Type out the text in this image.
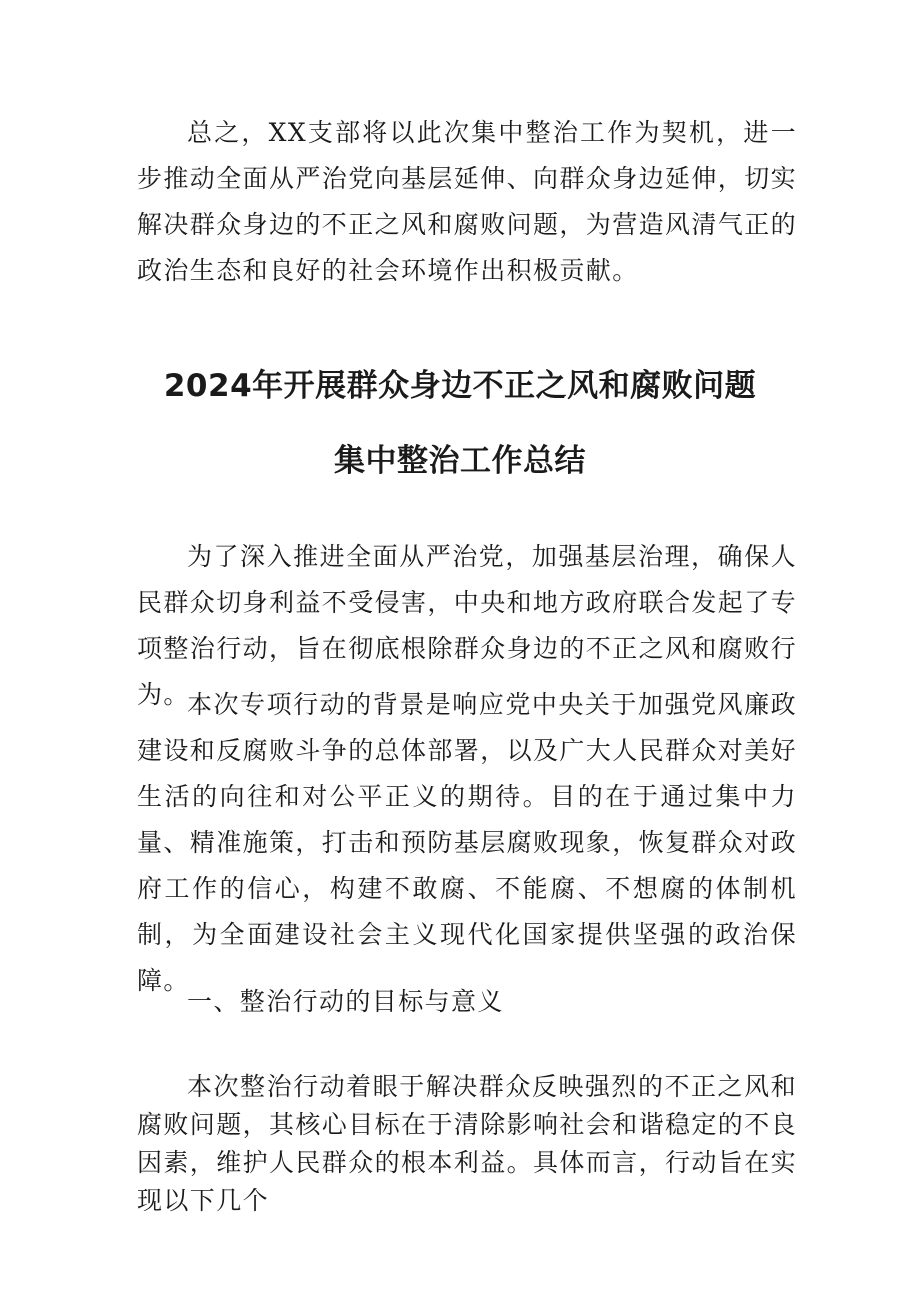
总之，XX支部将以此次集中整治工作为契机，进一步推动全面从严治党向基层延伸、向群众身边延伸，切实解决群众身边的不正之风和腐败问题，为营造风清气正的政治生态和良好的社会环境作出积极贡献。

2024年开展群众身边不正之风和腐败问题
集中整治工作总结

为了深入推进全面从严治党，加强基层治理，确保人民群众切身利益不受侵害，中央和地方政府联合发起了专项整治行动，旨在彻底根除群众身边的不正之风和腐败行为。

本次专项行动的背景是响应党中央关于加强党风廉政建设和反腐败斗争的总体部署，以及广大人民群众对美好生活的向往和对公平正义的期待。目的在于通过集中力量、精准施策，打击和预防基层腐败现象，恢复群众对政府工作的信心，构建不敢腐、不能腐、不想腐的体制机制，为全面建设社会主义现代化国家提供坚强的政治保障。

一、整治行动的目标与意义

本次整治行动着眼于解决群众反映强烈的不正之风和腐败问题，其核心目标在于清除影响社会和谐稳定的不良因素，维护人民群众的根本利益。具体而言，行动旨在实现以下几个
